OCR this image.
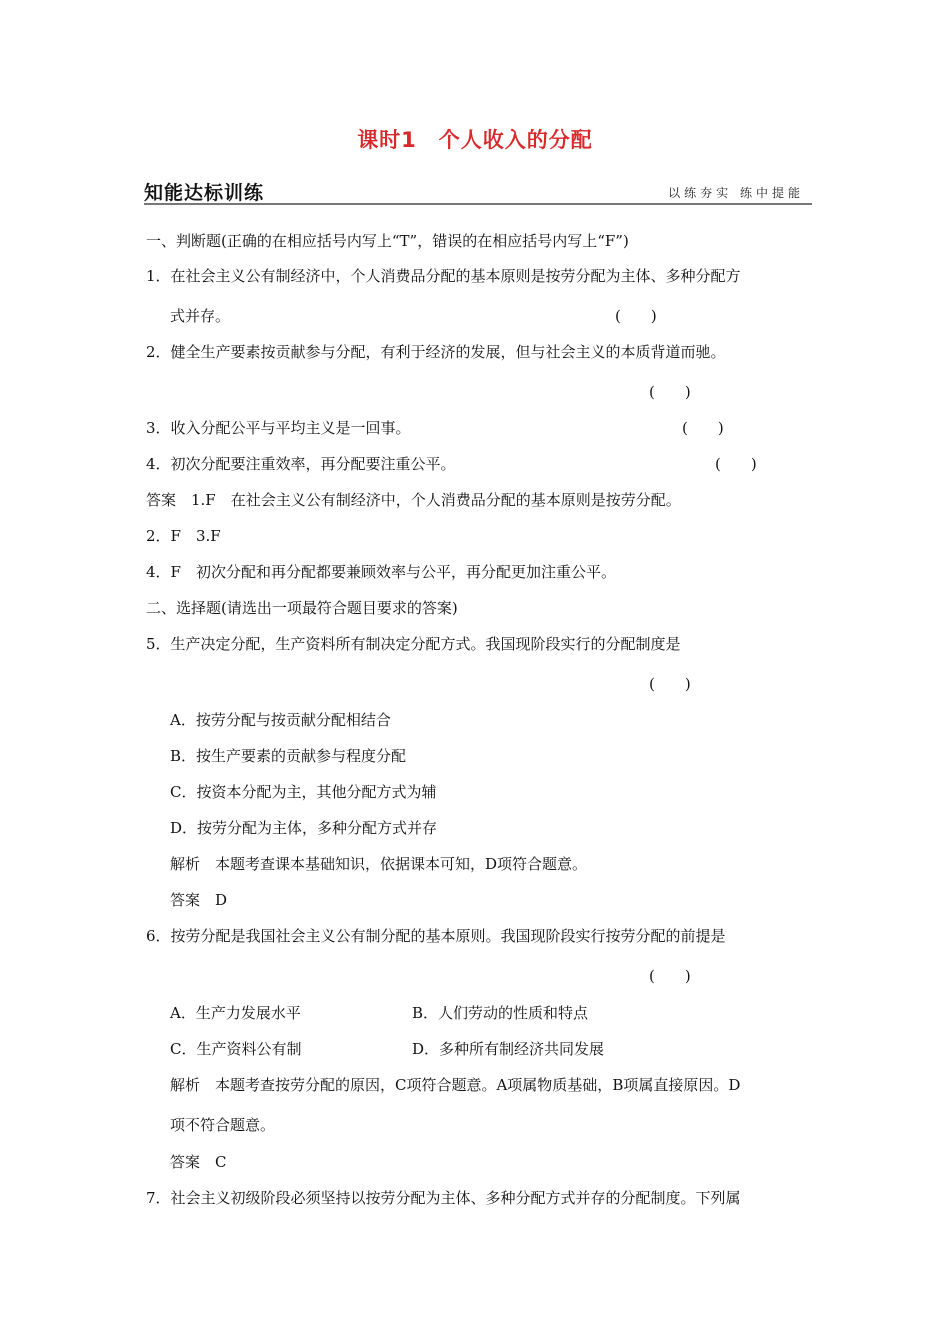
课时1　个人收入的分配
知能达标训练	以练夯实 练中提能
一、判断题(正确的在相应括号内写上“T”，错误的在相应括号内写上“F”)
1．在社会主义公有制经济中，个人消费品分配的基本原则是按劳分配为主体、多种分配方
式并存。	(　　)
2．健全生产要素按贡献参与分配，有利于经济的发展，但与社会主义的本质背道而驰。
(　　)
3．收入分配公平与平均主义是一回事。	(　　)
4．初次分配要注重效率，再分配要注重公平。	(　　)
答案　1.F　在社会主义公有制经济中，个人消费品分配的基本原则是按劳分配。
2．F　3.F
4．F　初次分配和再分配都要兼顾效率与公平，再分配更加注重公平。
二、选择题(请选出一项最符合题目要求的答案)
5．生产决定分配，生产资料所有制决定分配方式。我国现阶段实行的分配制度是
(　　)
A．按劳分配与按贡献分配相结合
B．按生产要素的贡献参与程度分配
C．按资本分配为主，其他分配方式为辅
D．按劳分配为主体，多种分配方式并存
解析　本题考查课本基础知识，依据课本可知，D项符合题意。
答案　D
6．按劳分配是我国社会主义公有制分配的基本原则。我国现阶段实行按劳分配的前提是
(　　)
A．生产力发展水平	B．人们劳动的性质和特点
C．生产资料公有制	D．多种所有制经济共同发展
解析　本题考查按劳分配的原因，C项符合题意。A项属物质基础，B项属直接原因。D
项不符合题意。
答案　C
7．社会主义初级阶段必须坚持以按劳分配为主体、多种分配方式并存的分配制度。下列属
